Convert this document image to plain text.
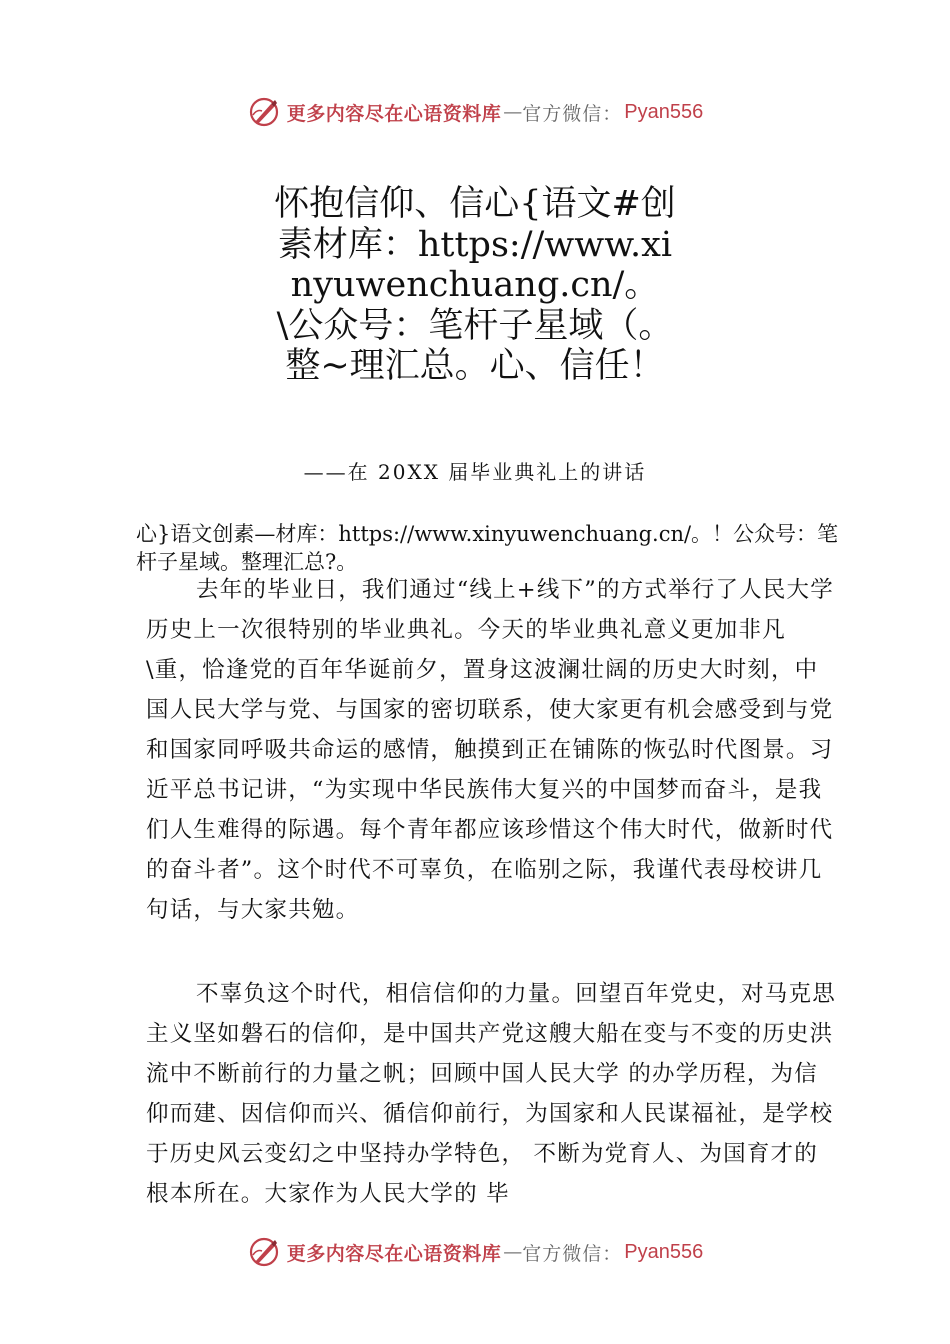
更多内容尽在心语资料库 — 官方微信： Pyan556
怀抱信仰、信心{语文#创素材库：https://www.xinyuwenchuang.cn/。\公众号：笔杆子星域（。整~理汇总。心、信任！
——在 20XX 届毕业典礼上的讲话
心}语文创素—材库：https://www.xinyuwenchuang.cn/。！公众号：笔杆子星域。整理汇总?。
去年的毕业日，我们通过“线上+线下”的方式举行了人民大学历史上一次很特别的毕业典礼。今天的毕业典礼意义更加非凡\重，恰逢党的百年华诞前夕，置身这波澜壮阔的历史大时刻，中国人民大学与党、与国家的密切联系，使大家更有机会感受到与党和国家同呼吸共命运的感情，触摸到正在铺陈的恢弘时代图景。习近平总书记讲，“为实现中华民族伟大复兴的中国梦而奋斗，是我们人生难得的际遇。每个青年都应该珍惜这个伟大时代，做新时代的奋斗者”。这个时代不可辜负，在临别之际，我谨代表母校讲几句话，与大家共勉。
不辜负这个时代，相信信仰的力量。回望百年党史，对马克思主义坚如磐石的信仰，是中国共产党这艘大船在变与不变的历史洪流中不断前行的力量之帆；回顾中国人民大学 的办学历程，为信仰而建、因信仰而兴、循信仰前行，为国家和人民谋福祉，是学校于历史风云变幻之中坚持办学特色， 不断为党育人、为国育才的根本所在。大家作为人民大学的 毕
更多内容尽在心语资料库 — 官方微信： Pyan556
